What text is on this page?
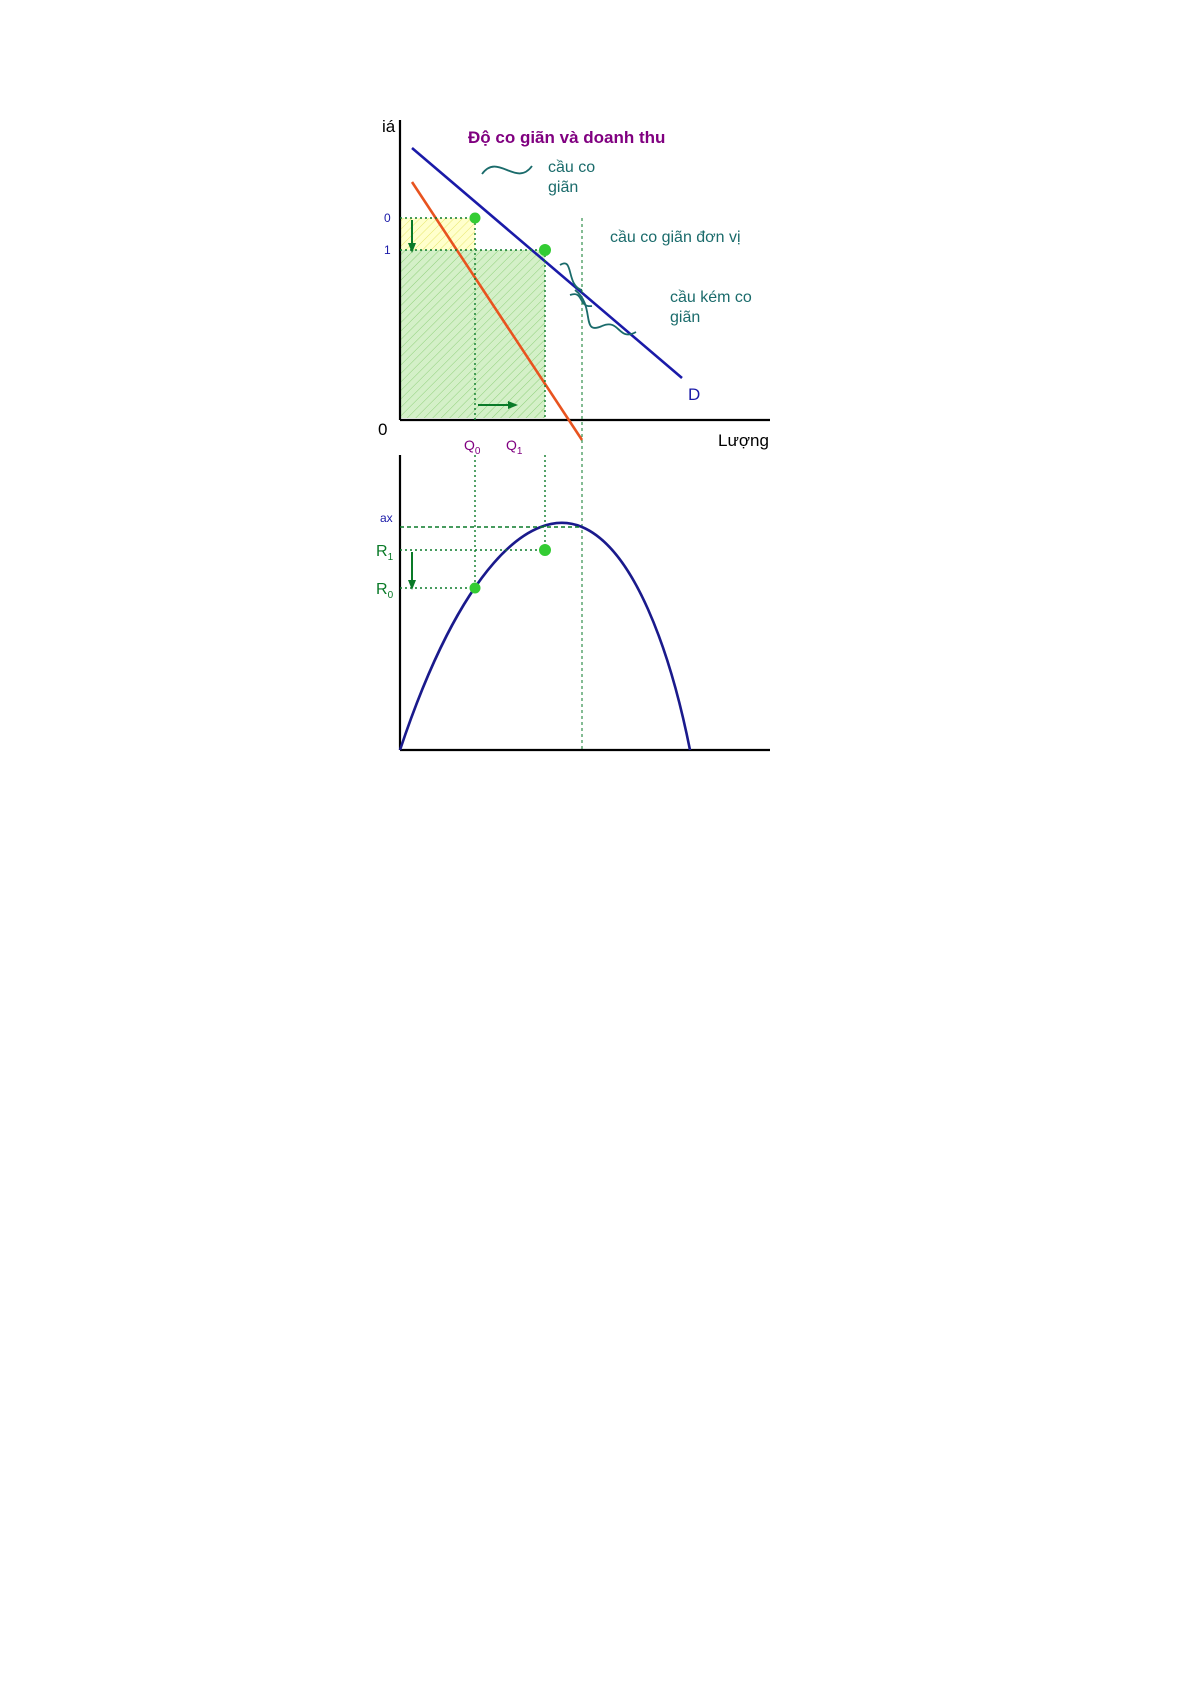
Độ co giãn và doanh thu
iá
0
Lượng
0
1
$Q_0$ $Q_1$
D
cầu co
giãn
cầu co giãn đơn vị
cầu kém co
giãn
ax
$R_1$
$R_0$
